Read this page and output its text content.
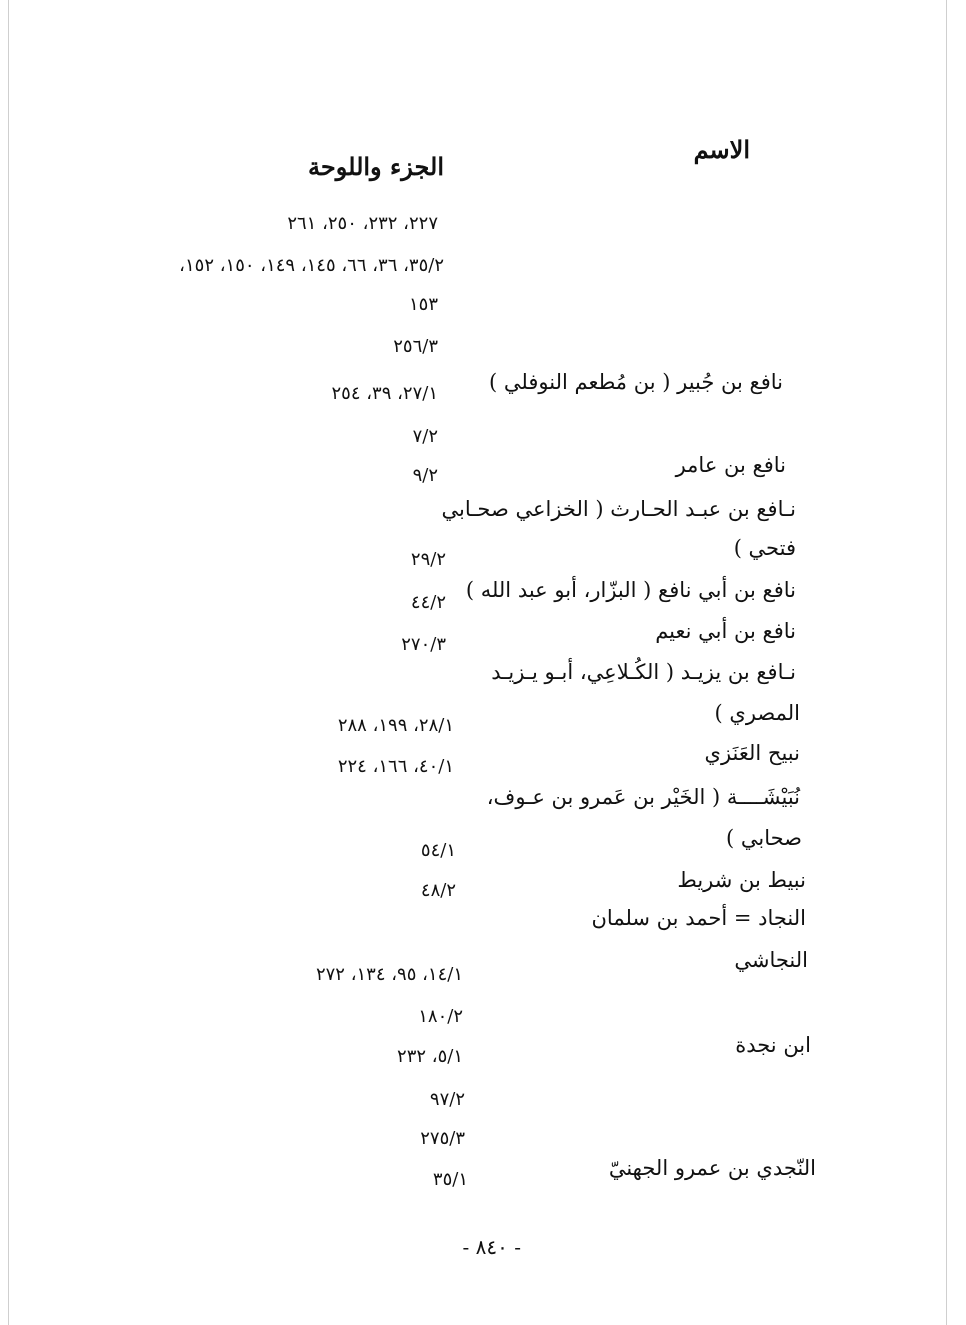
الاسم
الجزء واللوحة
نافع بن جُبير ( بن مُطعم النوفلي )
نافع بن عامر
نـافع بن عبـد الحـارث ( الخزاعي صحـابي
فتحي )
نافع بن أبي نافع ( البزّار، أبو عبد الله )
نافع بن أبي نعيم
نـافع بن يزيـد ( الكُـلاعِي، أبـو يـزيـد
المصري )
نبيح العَنَزي
نُبَيْشَــــة ( الخَيْر بن عَمرو بن عـوف،
صحابي )
نبيط بن شريط
النجاد = أحمد بن سلمان
النجاشي
ابن نجدة
النّجدي بن عمرو الجهنيّ
٢٢٧، ٢٣٢، ٢٥٠، ٢٦١
٣٥/٢، ٣٦، ٦٦، ١٤٥، ١٤٩، ١٥٠، ١٥٢،
١٥٣
٢٥٦/٣
٢٧/١، ٣٩، ٢٥٤
٧/٢
٩/٢
٢٩/٢
٤٤/٢
٢٧٠/٣
٢٨/١، ١٩٩، ٢٨٨
٤٠/١، ١٦٦، ٢٢٤
٥٤/١
٤٨/٢
١٤/١، ٩٥، ١٣٤، ٢٧٢
١٨٠/٢
٥/١، ٢٣٢
٩٧/٢
٢٧٥/٣
٣٥/١
- ٨٤٠ -
